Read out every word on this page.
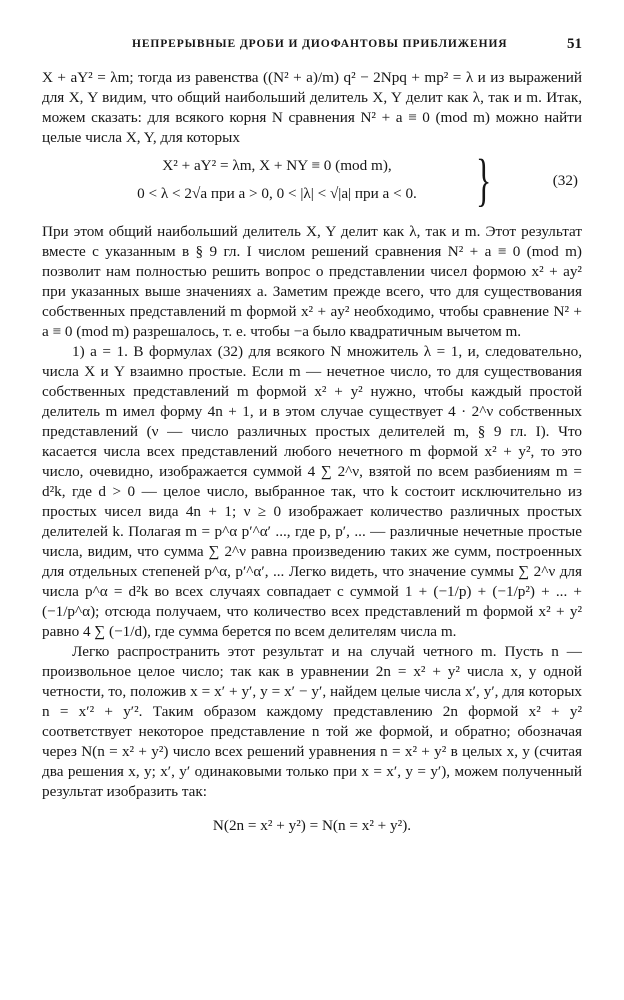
НЕПРЕРЫВНЫЕ ДРОБИ И ДИОФАНТОВЫ ПРИБЛИЖЕНИЯ	51

X + aY² = λm; тогда из равенства ((N² + a)/m) q² − 2Npq + mp² = λ и из выражений для X, Y видим, что общий наибольший делитель X, Y делит как λ, так и m. Итак, можем сказать: для всякого корня N сравнения N² + a ≡ 0 (mod m) можно найти целые числа X, Y, для которых

X² + aY² = λm, X + NY ≡ 0 (mod m),
0 < λ < 2√a при a > 0, 0 < |λ| < √|a| при a < 0.	}	(32)

При этом общий наибольший делитель X, Y делит как λ, так и m. Этот результат вместе с указанным в § 9 гл. I числом решений сравнения N² + a ≡ 0 (mod m) позволит нам полностью решить вопрос о представлении чисел формою x² + ay² при указанных выше значениях a. Заметим прежде всего, что для существования собственных представлений m формой x² + ay² необходимо, чтобы сравнение N² + a ≡ 0 (mod m) разрешалось, т. е. чтобы −a было квадратичным вычетом m.

1) a = 1. В формулах (32) для всякого N множитель λ = 1, и, следовательно, числа X и Y взаимно простые. Если m — нечетное число, то для существования собственных представлений m формой x² + y² нужно, чтобы каждый простой делитель m имел форму 4n + 1, и в этом случае существует 4 · 2^ν собственных представлений (ν — число различных простых делителей m, § 9 гл. I). Что касается числа всех представлений любого нечетного m формой x² + y², то это число, очевидно, изображается суммой 4 ∑ 2^ν, взятой по всем разбиениям m = d²k, где d > 0 — целое число, выбранное так, что k состоит исключительно из простых чисел вида 4n + 1; ν ≥ 0 изображает количество различных простых делителей k. Полагая m = p^α p′^α′ ..., где p, p′, ... — различные нечетные простые числа, видим, что сумма ∑ 2^ν равна произведению таких же сумм, построенных для отдельных степеней p^α, p′^α′, ... Легко видеть, что значение суммы ∑ 2^ν для числа p^α = d²k во всех случаях совпадает с суммой 1 + (−1/p) + (−1/p²) + ... + (−1/p^α); отсюда получаем, что количество всех представлений m формой x² + y² равно 4 ∑ (−1/d), где сумма берется по всем делителям числа m.

Легко распространить этот результат и на случай четного m. Пусть n — произвольное целое число; так как в уравнении 2n = x² + y² числа x, y одной четности, то, положив x = x′ + y′, y = x′ − y′, найдем целые числа x′, y′, для которых n = x′² + y′². Таким образом каждому представлению 2n формой x² + y² соответствует некоторое представление n той же формой, и обратно; обозначая через N(n = x² + y²) число всех решений уравнения n = x² + y² в целых x, y (считая два решения x, y; x′, y′ одинаковыми только при x = x′, y = y′), можем полученный результат изобразить так:

N(2n = x² + y²) = N(n = x² + y²).
